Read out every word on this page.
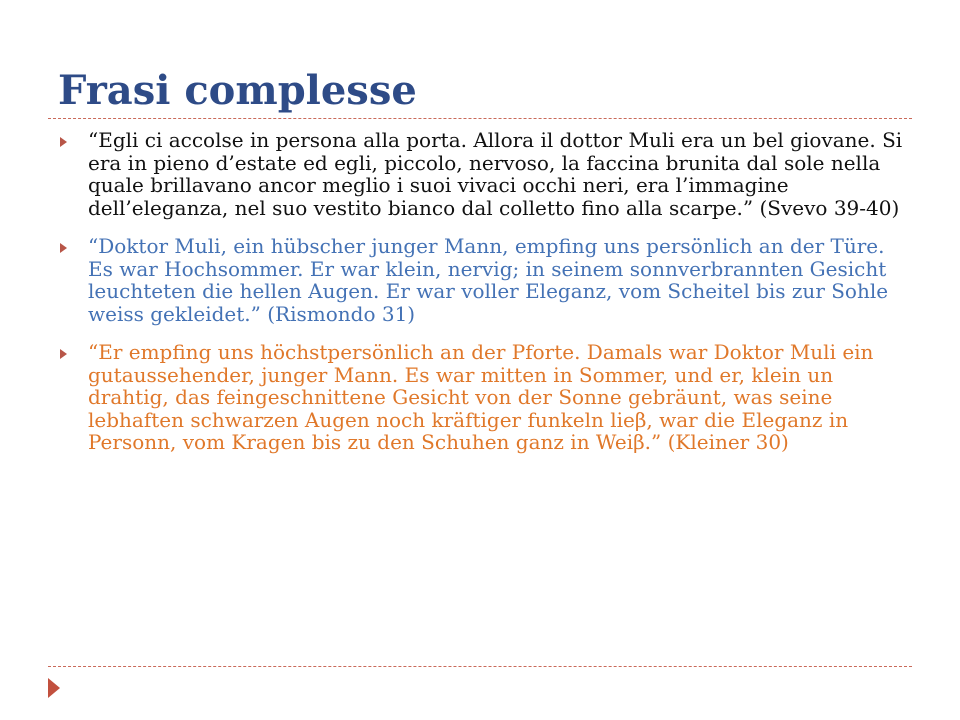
Frasi complesse

“Egli ci accolse in persona alla porta. Allora il dottor Muli era un bel giovane. Si era in pieno d’estate ed egli, piccolo, nervoso, la faccina brunita dal sole nella quale brillavano ancor meglio i suoi vivaci occhi neri, era l’immagine dell’eleganza, nel suo vestito bianco dal colletto fino alla scarpe.” (Svevo 39-40)

“Doktor Muli, ein hübscher junger Mann, empfing uns persönlich an der Türe. Es war Hochsommer. Er war klein, nervig; in seinem sonnverbrannten Gesicht leuchteten die hellen Augen. Er war voller Eleganz, vom Scheitel bis zur Sohle weiss gekleidet.” (Rismondo 31)

“Er empfing uns höchstpersönlich an der Pforte. Damals war Doktor Muli ein gutaussehender, junger Mann. Es war mitten in Sommer, und er, klein un drahtig, das feingeschnittene Gesicht von der Sonne gebräunt, was seine lebhaften schwarzen Augen noch kräftiger funkeln lieβ, war die Eleganz in Personn, vom Kragen bis zu den Schuhen ganz in Weiβ.” (Kleiner 30)
